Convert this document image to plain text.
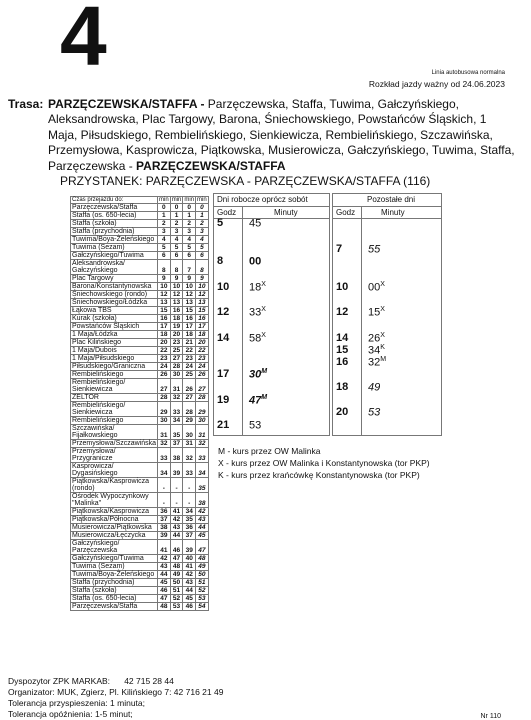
4	Linia autobusowa normalna
Rozkład jazdy ważny od 24.06.2023
Trasa: PARZĘCZEWSKA/STAFFA - Parzęczewska, Staffa, Tuwima, Gałczyńskiego, Aleksandrowska, Plac Targowy, Barona, Śniechowskiego, Powstańców Śląskich, 1 Maja, Piłsudskiego, Rembielińskiego, Sienkiewicza, Rembielińskiego, Szczawińska, Przemysłowa, Kasprowicza, Piątkowska, Musierowicza, Gałczyńskiego, Tuwima, Staffa, Parzęczewska - PARZĘCZEWSKA/STAFFA
PRZYSTANEK: PARZĘCZEWSKA - PARZĘCZEWSKA/STAFFA (116)
Czas przejazdu do:	min	min	min	min
Parzęczewska/Staffa	0	0	0	0
Staffa (os. 650-lecia)	1	1	1	1
Staffa (szkoła)	2	2	2	2
Staffa (przychodnia)	3	3	3	3
Tuwima/Boya-Żeleńskiego	4	4	4	4
Tuwima (Sezam)	5	5	5	5
Gałczyńskiego/Tuwima	6	6	6	6
Aleksandrowska/ Gałczyńskiego	8	8	7	8
Plac Targowy	9	9	9	9
Barona/Konstantynowska	10	10	10	10
Śniechowskiego (rondo)	12	12	12	12
Śniechowskiego/Łódzka	13	13	13	13
Łąkowa TBS	15	16	15	15
Kurak (szkoła)	16	18	16	16
Powstańców Śląskich	17	19	17	17
1 Maja/Łódzka	18	20	18	18
Plac Kilińskiego	20	23	21	20
1 Maja/Dubois	22	25	22	22
1 Maja/Piłsudskiego	23	27	23	23
Piłsudskiego/Graniczna	24	28	24	24
Rembielińskiego	26	30	25	26
Rembielińskiego/ Sienkiewicza	27	31	26	27
ZELTOR	28	32	27	28
Rembielińskiego/ Sienkiewicza	29	33	28	29
Rembielińskiego	30	34	29	30
Szczawińska/ Fijałkowskiego	31	35	30	31
Przemysłowa/Szczawińska	32	37	31	32
Przemysłowa/ Przygranicze	33	38	32	33
Kasprowicza/ Dygasińskiego	34	39	33	34
Piątkowska/Kasprowicza (rondo)	-	-	-	35
Ośrodek Wypoczynkowy "Malinka"	-	-	-	38
Piątkowska/Kasprowicza	36	41	34	42
Piątkowska/Północna	37	42	35	43
Musierowicza/Piątkowska	38	43	36	44
Musierowicza/Łęczycka	39	44	37	45
Gałczyńskiego/ Parzęczewska	41	46	39	47
Gałczyńskiego/Tuwima	42	47	40	48
Tuwima (Sezam)	43	48	41	49
Tuwima/Boya-Żeleńskiego	44	49	42	50
Staffa (przychodnia)	45	50	43	51
Staffa (szkoła)	46	51	44	52
Staffa (os. 650-lecia)	47	52	45	53
Parzęczewska/Staffa	48	53	46	54
Dni robocze oprócz sobót
Godz	Minuty
Pozostałe dni
Godz	Minuty
5 45
8 00
10 $18^X$
12 $33^X$
14 $58^X$
17 $30^M$
19 $47^M$
21 53
7 55
10 $00^X$
12 $15^X$
14 $26^X$
15 $34^K$
16 $32^M$
18 49
20 53
M - kurs przez OW Malinka
X - kurs przez OW Malinka i Konstantynowska (tor PKP)
K - kurs przez krańcówkę Konstantynowska (tor PKP)
Dyspozytor ZPK MARKAB:      42 715 28 44
Organizator: MUK, Zgierz, Pl. Kilińskiego 7: 42 716 21 49
Tolerancja przyspieszenia: 1 minuta;
Tolerancja opóźnienia: 1-5 minut;	Nr 110
